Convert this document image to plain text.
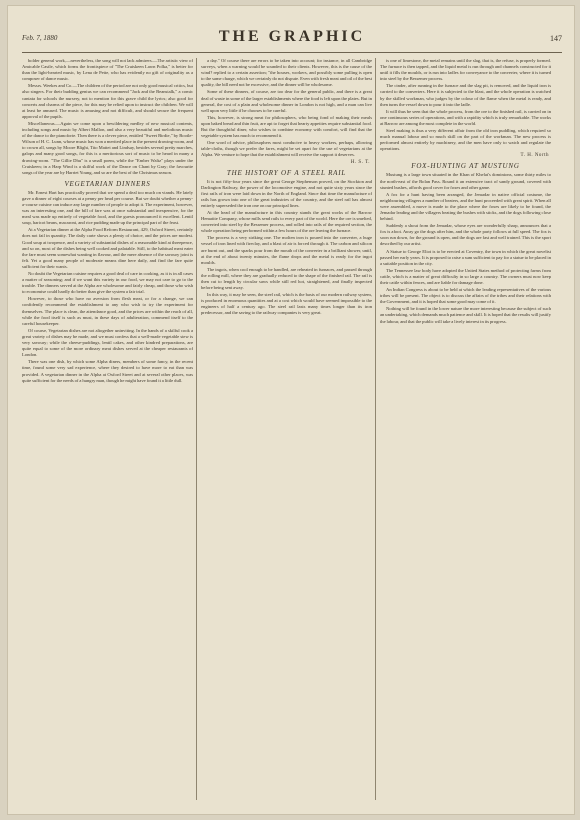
Feb. 7, 1880	THE GRAPHIC	147

bolder general work,—nevertheless, the song will not lack admirers.—The artistic view of Amicable Castle, which forms the frontispiece of "The Cruiskeen Lawn Polka," is better for than the light-hearted music, by Lena de Pette, who has evidently no gift of originality as a composer of dance music.

Messrs. Weekes and Co.—The children of the period are not only good musical critics, but also singers. For their budding genius we can recommend "Jack and the Beanstalk," a comic cantata for schools the nursery, not to mention for this grave child the lyrics; also good for concerts and charms of the piece, for this may be relied upon to instruct the children. We will at least be amused. The music is amusing and not difficult, and should secure the frequent approval of the pupils.

Miscellaneous.—Again we come upon a bewildering medley of new musical contents, including songs and music by Albert Mallon, and also a very beautiful and melodious music of the dance to the pianoforte. Then there is a clever piece, entitled "Sweet Birdie," by Bootle-Wilson of H. C. Lunn, whose music has won a merited place in the present drawing-room, and to crown all, songs by Moore Blight, Tito Mattei and Lindsay, besides several pretty marches, galops and many good songs, for this is a meritorious sort of music to be heard in many a drawing-room. "The Gillie Dhu" is a small poem, while the "Ember Waltz" plays under the Cruiskeen; in a Harp Wind is a skilful work of the Dance on Chant by Gray; the favourite songs of the year are by Harriet Young, and so are the best of the Christmas season.

VEGETARIAN DINNERS

Mr. Ernest Hart has practically proved that we spend a deal too much on viands. He lately gave a dinner of eight courses at a penny per head per course. But we doubt whether a penny-a-course cuisine can induce any large number of people to adopt it. The experiment, however, was an interesting one, and the bill of fare was at once substantial and inexpensive, for the meal was made up entirely of vegetable food, and the guests pronounced it excellent. Lentil soup, haricot beans, macaroni, and rice pudding made up the principal part of the feast.

At a Vegetarian dinner at the Alpha Food Reform Restaurant, 429, Oxford Street, certainly does not fail in quantity. The daily carte shows a plenty of choice, and the prices are modest. Good soup at twopence, and a variety of substantial dishes of a reasonable kind at threepence, and so on, most of the dishes being well cooked and palatable. Still, to the habitual meat eater the fare must seem somewhat wanting in flavour, and the mere absence of the savoury joint is felt. Yet a good many people of moderate means dine here daily, and find the fare quite sufficient for their wants.

No doubt the Vegetarian cuisine requires a good deal of care in cooking, as it is in all cases a matter of seasoning; and if we want this variety in our food, we may not care to go to the trouble. The dinners served at the Alpha are wholesome and fairly cheap, and those who wish to economise could hardly do better than give the system a fair trial.

However, to those who have no aversion from flesh meat, or for a change, we can confidently recommend the establishment to any who wish to try the experiment for themselves. The place is clean, the attendance good, and the prices are within the reach of all, while the food itself is such as must, in these days of adulteration, commend itself to the careful housekeeper.

Of course, Vegetarian dishes are not altogether uninviting. In the hands of a skilful cook a great variety of dishes may be made, and we must confess that a well-made vegetable stew is very savoury; while the cheese-puddings, lentil cakes, and other kindred preparations, are quite equal to some of the more ordinary meat dishes served at the cheaper restaurants of London.

There was one dish, by which some Alpha diners, members of some fancy, in the recent time, found some very sad experience, where they desired to have more to eat than was provided. A vegetarian dinner in the Alpha at Oxford Street and at several other places, was quite sufficient for the needs of a hungry man, though he might have found it a little dull.

a day." Of course there are errors to be taken into account; for instance, in all Cambridge surveys, when a warning would be sounded to their clients. However, this is the cause of the wind? replied to a certain assertion; "the houses, workers, and possibly some pulling is open to the same charge, which we certainly do not dispute. Even with fresh meat and oil of the best quality, the bill need not be excessive, and the dinner will be wholesome.

Some of these dinners, of course, are too dear for the general public, and there is a great deal of waste in some of the larger establishments where the food is left upon the plates. But in general, the cost of a plain and wholesome dinner in London is not high, and a man can live well upon very little if he chooses to be careful.

This, however, is strong meat for philosophers, who being fond of making their meals upon baked bread and thin fruit, are apt to forget that hearty appetites require substantial food. But the thoughtful diner, who wishes to combine economy with comfort, will find that the vegetable system has much to recommend it.

One word of advice, philosophers most conducive to heavy workers, perhaps, allowing table-cloths, though we prefer the fares, might be set apart for the use of vegetarians at the Alpha. We venture to hope that the establishment will receive the support it deserves.

H. S. T.
THE HISTORY OF A STEEL RAIL

It is not fifty-four years since the great George Stephenson proved, on the Stockton and Darlington Railway, the power of the locomotive engine, and not quite sixty years since the first rails of iron were laid down in the North of England. Since that time the manufacture of rails has grown into one of the great industries of the country, and the steel rail has almost entirely superseded the iron one on our principal lines.

At the head of the manufacture in this country stands the great works of the Barrow Hematite Company, whose mills send rails to every part of the world. Here the ore is smelted, converted into steel by the Bessemer process, and rolled into rails of the required section, the whole operation being performed within a few hours of the ore leaving the furnace.

The process is a very striking one. The molten iron is poured into the converter, a huge vessel of iron lined with fireclay, and a blast of air is forced through it. The carbon and silicon are burnt out, and the sparks pour from the mouth of the converter in a brilliant shower, until, at the end of about twenty minutes, the flame drops and the metal is ready for the ingot moulds.

The ingots, when cool enough to be handled, are reheated in furnaces, and passed through the rolling mill, where they are gradually reduced to the shape of the finished rail. The rail is then cut to length by circular saws while still red hot, straightened, and finally inspected before being sent away.

In this way, it may be seen, the steel rail, which is the basis of our modern railway system, is produced in enormous quantities and at a cost which would have seemed impossible to the engineers of half a century ago. The steel rail lasts many times longer than its iron predecessor, and the saving to the railway companies is very great.

is one of limestone, the metal remains until the slag, that is, the refuse, is properly formed. The furnace is then tapped, and the liquid metal is run through and channels constructed for it until it fills the moulds, or is run into ladles for conveyance to the converter, where it is turned into steel by the Bessemer process.

The cinder, after running in the furnace and the slag pit, is removed, and the liquid iron is carried to the converters. Here it is subjected to the blast, and the whole operation is watched by the skilled workman, who judges by the colour of the flame when the metal is ready, and then turns the vessel down to pour it into the ladle.

It will thus be seen that the whole process, from the ore to the finished rail, is carried on in one continuous series of operations, and with a rapidity which is truly remarkable. The works at Barrow are among the most complete in the world.

Steel making is thus a very different affair from the old iron puddling, which required so much manual labour and so much skill on the part of the workman. The new process is performed almost entirely by machinery, and the men have only to watch and regulate the operations.

T. H. North
FOX-HUNTING AT MUSTUNG

Mustung is a large town situated in the Khan of Khelat's dominions, some thirty miles to the north-east of the Bolan Pass. Round it an extensive tract of sandy ground, covered with stunted bushes, affords good cover for foxes and other game.

A fox for a hunt having been arranged, the Jemadar in native official costume, the neighbouring villagers a number of beaters, and the hunt proceeded with great spirit. When all were assembled, a move is made to the place where the foxes are likely to be found, the Jemadar leading and the villagers beating the bushes with sticks, and the dogs following close behind.

Suddenly a shout from the Jemadar, whose eyes are wonderfully sharp, announces that a fox is afoot. Away go the dogs after him, and the whole party follows at full speed. The fox is soon run down, for the ground is open, and the dogs are fast and well trained. This is the sport described by our artist.

A Statue to George Eliot is to be erected at Coventry, the town in which the great novelist passed her early years. It is proposed to raise a sum sufficient to pay for a statue to be placed in a suitable position in the city.

The Tennessee law body have adopted the United States method of protecting farms from cattle, which is a matter of great difficulty in so large a country. The owners must now keep their cattle within fences, and are liable for damage done.

An Indian Congress is about to be held at which the leading representatives of the various tribes will be present. The object is to discuss the affairs of the tribes and their relations with the Government, and it is hoped that some good may come of it.

Nothing will be found in the lower nature the more interesting because the subject of such an undertaking, which demands much patience and skill. It is hoped that the results will justify the labour, and that the public will take a lively interest in its progress.
